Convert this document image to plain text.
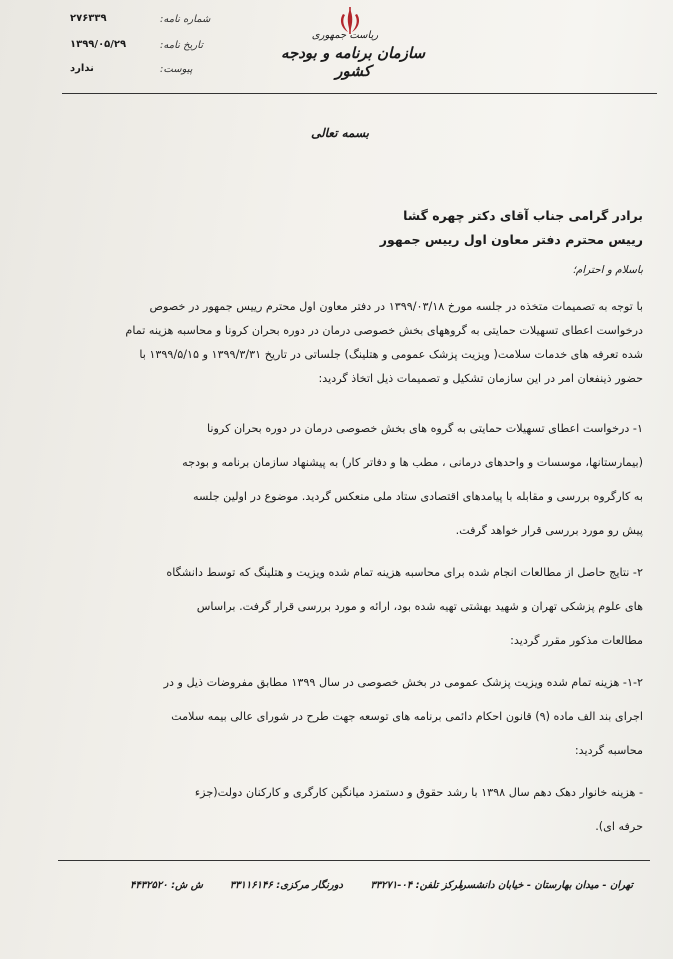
ریاست جمهوری
سازمان برنامه و بودجه کشور
شماره نامه:
۲۷۶۳۳۹
تاریخ نامه:
۱۳۹۹/۰۵/۲۹
پیوست:
ندارد
بسمه تعالی
برادر گرامی جناب آقای دکتر چهره گشا
رییس محترم دفتر معاون اول رییس جمهور
باسلام و احترام؛
با توجه به تصمیمات متخذه در جلسه مورخ ۱۳۹۹/۰۳/۱۸ در دفتر معاون اول محترم رییس جمهور در خصوص
درخواست اعطای تسهیلات حمایتی به گروههای بخش خصوصی درمان در دوره بحران کرونا و محاسبه هزینه تمام
شده تعرفه های خدمات سلامت( ویزیت پزشک عمومی و هتلینگ) جلساتی در تاریخ ۱۳۹۹/۳/۳۱ و ۱۳۹۹/۵/۱۵ با
حضور ذینفعان امر در این سازمان تشکیل و تصمیمات ذیل اتخاذ گردید:
۱- درخواست اعطای تسهیلات حمایتی به گروه های بخش خصوصی درمان در دوره بحران کرونا
(بیمارستانها، موسسات و واحدهای درمانی ، مطب ها و دفاتر کار) به پیشنهاد سازمان برنامه و بودجه
به کارگروه بررسی و مقابله با پیامدهای اقتصادی ستاد ملی منعکس گردید. موضوع در اولین جلسه
پیش رو مورد بررسی قرار خواهد گرفت.
۲- نتایج حاصل از مطالعات انجام شده برای محاسبه هزینه تمام شده ویزیت و هتلینگ که توسط دانشگاه
های علوم پزشکی تهران و شهید بهشتی تهیه شده بود، ارائه و مورد بررسی قرار گرفت. براساس
مطالعات مذکور مقرر گردید:
۱-۲- هزینه تمام شده ویزیت پزشک عمومی در بخش خصوصی در سال ۱۳۹۹ مطابق مفروضات ذیل و در
اجرای بند الف ماده (۹) قانون احکام دائمی برنامه های توسعه جهت طرح در شورای عالی بیمه سلامت
محاسبه گردید:
- هزینه خانوار دهک دهم سال ۱۳۹۸ با رشد حقوق و دستمزد میانگین کارگری و کارکنان دولت(جزء
حرفه ای).
تهران - میدان بهارستان - خیابان دانشسرا
مرکز تلفن: ۰۴-۳۳۲۷۱
دورنگار مرکزی: ۳۳۱۱۶۱۴۶
ش ش: ۴۴۳۲۵۲۰
